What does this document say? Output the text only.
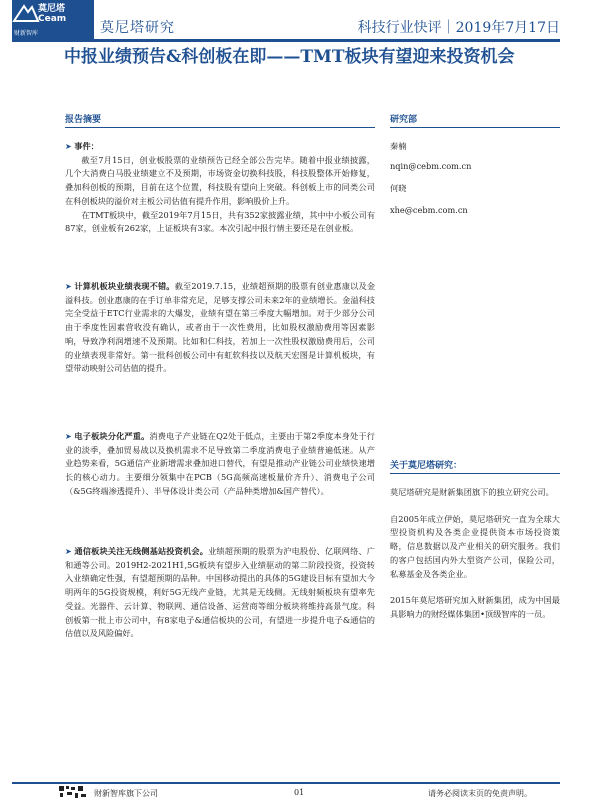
莫尼塔
Ceam
财新智库	莫尼塔研究	科技行业快评｜2019年7月17日
中报业绩预告&科创板在即——TMT板块有望迎来投资机会
报告摘要

➤ 事件：

截至7月15日，创业板股票的业绩预告已经全部公告完毕。随着中报业绩披露，几个大消费白马股业绩建立不及预期，市场资金切换科技股，科技股整体开始修复，叠加科创板的预期，目前在这个位置，科技股有望向上突破。科创板上市的同类公司在科创板块的溢价对主板公司估值有提升作用，影响股价上升。

在TMT板块中，截至2019年7月15日，共有352家披露业绩，其中中小板公司有87家，创业板有262家，上证板块有3家。本次引起中报行情主要还是在创业板。

➤ 计算机板块业绩表现不错。截至2019.7.15，业绩超预期的股票有创业惠康以及金溢科技。创业惠康的在手订单非常充足，足够支撑公司未来2年的业绩增长。金溢科技完全受益于ETC行业需求的大爆发，业绩有望在第三季度大幅增加。对于少部分公司由于季度性因素营收没有确认，或者由于一次性费用，比如股权激励费用等因素影响，导致净利润增速不及预期。比如和仁科技，若加上一次性股权激励费用后，公司的业绩表现非常好。第一批科创板公司中有虹软科技以及航天宏图是计算机板块，有望带动映射公司估值的提升。

➤ 电子板块分化严重。消费电子产业链在Q2处于低点，主要由于第2季度本身处于行业的淡季，叠加贸易战以及换机需求不足导致第二季度消费电子业绩普遍低迷。从产业趋势来看，5G通信产业新增需求叠加进口替代，有望是推动产业链公司业绩快速增长的核心动力。主要细分领集中在PCB（5G高频高速板量价齐升）、消费电子公司（&5G终端渗透提升）、半导体设计类公司（产品种类增加&国产替代）。

➤ 通信板块关注无线侧基站投资机会。业绩超预期的股票为沪电股份、亿联网络、广和通等公司。2019H2-2021H1,5G板块有望步入业绩驱动的第二阶段投资，投资转入业绩确定性强，有望超预期的品种。中国移动提出的具体的5G建设目标有望加大今明两年的5G投资规模，利好5G无线产业链，尤其是无线侧。无线射频板块有望率先受益。光器件、云计算、物联网、通信设备、运营商等细分板块将维持高景气度。科创板第一批上市公司中，有8家电子&通信板块的公司，有望进一步提升电子&通信的估值以及风险偏好。

研究部
秦楠
nqin@cebm.com.cn
何晓
xhe@cebm.com.cn
关于莫尼塔研究：

莫尼塔研究是财新集团旗下的独立研究公司。

自2005年成立伊始，莫尼塔研究一直为全球大型投资机构及各类企业提供资本市场投资策略，信息数据以及产业相关的研究服务。我们的客户包括国内外大型资产公司，保险公司，私募基金及各类企业。

2015年莫尼塔研究加入财新集团，成为中国最具影响力的财经媒体集团•顶级智库的一员。

财新智库旗下公司	01	请务必阅读末页的免责声明。
